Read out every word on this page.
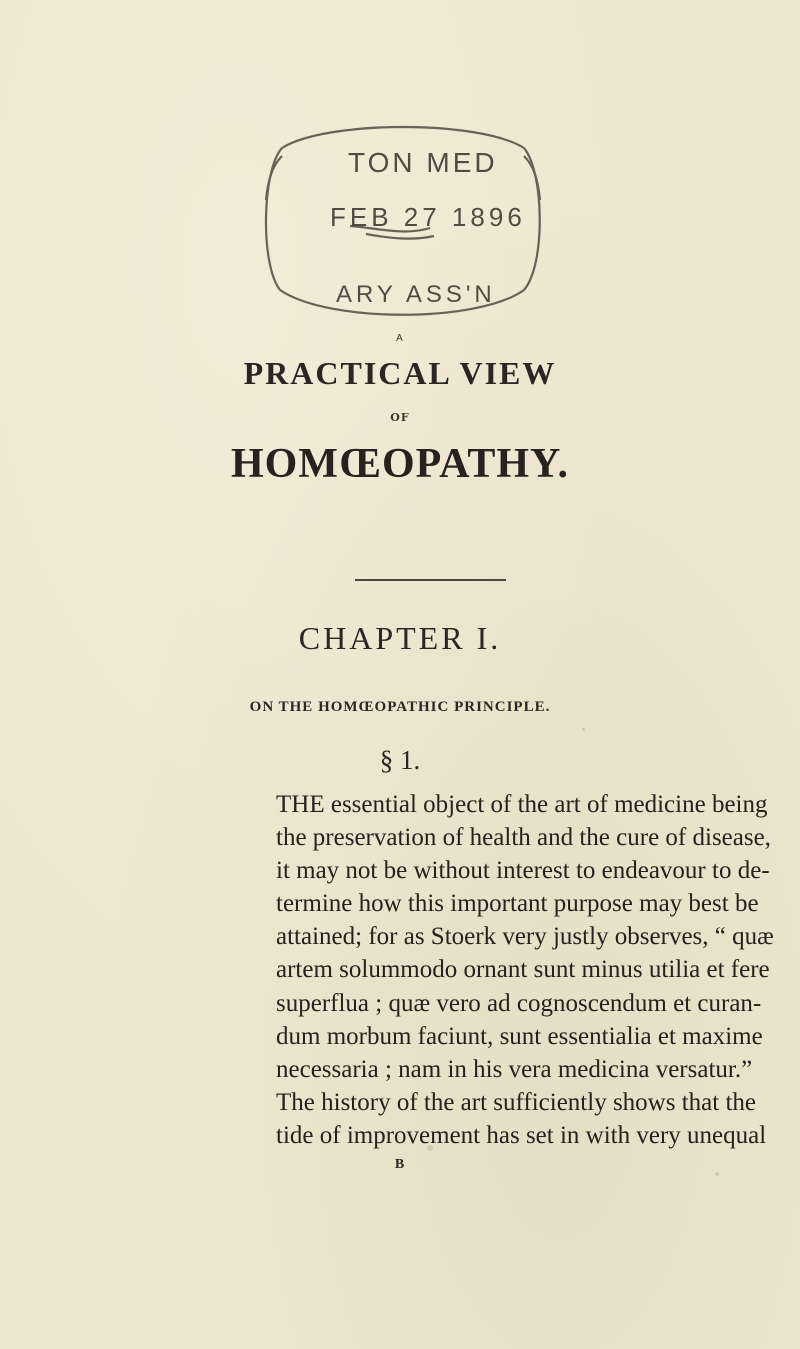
TON MED
FEB 27 1896
ARY ASS'N
A
PRACTICAL VIEW
OF
HOMŒOPATHY.
CHAPTER I.
ON THE HOMŒOPATHIC PRINCIPLE.
§ 1.
THE essential object of the art of medicine being
the preservation of health and the cure of disease,
it may not be without interest to endeavour to de-
termine how this important purpose may best be
attained; for as Stoerk very justly observes, “ quæ
artem solummodo ornant sunt minus utilia et fere
superflua ; quæ vero ad cognoscendum et curan-
dum morbum faciunt, sunt essentialia et maxime
necessaria ; nam in his vera medicina versatur.”
The history of the art sufficiently shows that the
tide of improvement has set in with very unequal
B
